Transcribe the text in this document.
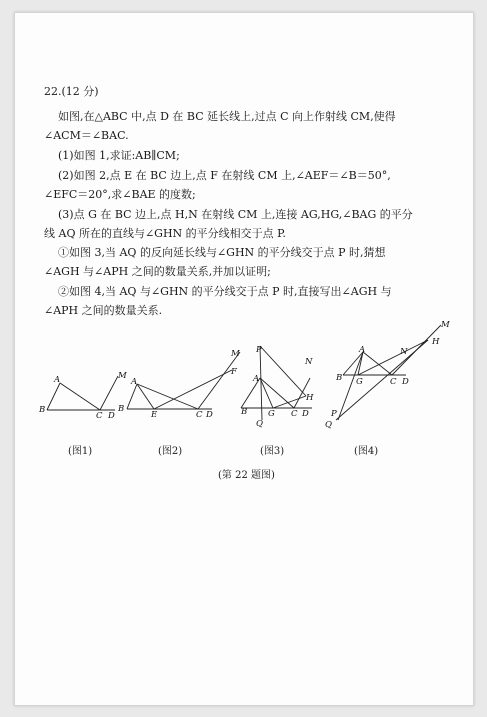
22.(12 分)
如图,在△ABC 中,点 D 在 BC 延长线上,过点 C 向上作射线 CM,使得
∠ACM＝∠BAC.
(1)如图 1,求证:AB∥CM;
(2)如图 2,点 E 在 BC 边上,点 F 在射线 CM 上,∠AEF＝∠B＝50°,
∠EFC＝20°,求∠BAE 的度数;
(3)点 G 在 BC 边上,点 H,N 在射线 CM 上,连接 AG,HG,∠BAG 的平分
线 AQ 所在的直线与∠GHN 的平分线相交于点 P.
①如图 3,当 AQ 的反向延长线与∠GHN 的平分线交于点 P 时,猜想
∠AGH 与∠APH 之间的数量关系,并加以证明;
②如图 4,当 AQ 与∠GHN 的平分线交于点 P 时,直接写出∠AGH 与
∠APH 之间的数量关系.
A	M
B
C D
A
M
F
B
E	C D
P
N
A
H
B G C D
Q
M
H
A	N
B G	C D
P
Q
(图1)	(图2)	(图3)	(图4)
(第 22 题图)
